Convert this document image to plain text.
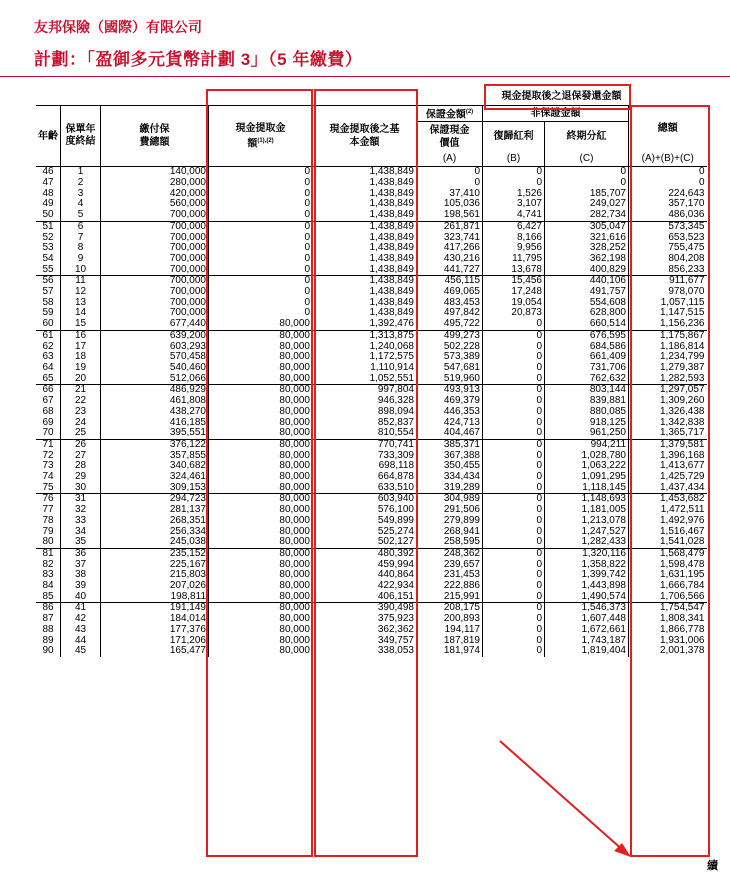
友邦保險（國際）有限公司
計劃：「盈御多元貨幣計劃 3」（5 年繳費）
					現金提取後之退保發還金額			
年齡	保單年度終結	繳付保費總額	現金提取金額$^{(1),(2)}$	現金提取後之基本金額	保證金額$^{(2)}$	非保證金額		總額
					保證現金價值	復歸紅利	終期分紅	
					(A)	(B)	(C)	(A)+(B)+(C)
46	1	140,000	0	1,438,849	0	0	0	0
47	2	280,000	0	1,438,849	0	0	0	0
48	3	420,000	0	1,438,849	37,410	1,526	185,707	224,643
49	4	560,000	0	1,438,849	105,036	3,107	249,027	357,170
50	5	700,000	0	1,438,849	198,561	4,741	282,734	486,036
51	6	700,000	0	1,438,849	261,871	6,427	305,047	573,345
52	7	700,000	0	1,438,849	323,741	8,166	321,616	653,523
53	8	700,000	0	1,438,849	417,266	9,956	328,252	755,475
54	9	700,000	0	1,438,849	430,216	11,795	362,198	804,208
55	10	700,000	0	1,438,849	441,727	13,678	400,829	856,233
56	11	700,000	0	1,438,849	456,115	15,456	440,106	911,677
57	12	700,000	0	1,438,849	469,065	17,248	491,757	978,070
58	13	700,000	0	1,438,849	483,453	19,054	554,608	1,057,115
59	14	700,000	0	1,438,849	497,842	20,873	628,800	1,147,515
60	15	677,440	80,000	1,392,476	495,722	0	660,514	1,156,236
61	16	639,200	80,000	1,313,875	499,273	0	676,595	1,175,867
62	17	603,293	80,000	1,240,068	502,228	0	684,586	1,186,814
63	18	570,458	80,000	1,172,575	573,389	0	661,409	1,234,799
64	19	540,460	80,000	1,110,914	547,681	0	731,706	1,279,387
65	20	512,066	80,000	1,052,551	519,960	0	762,632	1,282,593
66	21	486,929	80,000	997,804	493,913	0	803,144	1,297,057
67	22	461,808	80,000	946,328	469,379	0	839,881	1,309,260
68	23	438,270	80,000	898,094	446,353	0	880,085	1,326,438
69	24	416,185	80,000	852,837	424,713	0	918,125	1,342,838
70	25	395,551	80,000	810,554	404,467	0	961,250	1,365,717
71	26	376,122	80,000	770,741	385,371	0	994,211	1,379,581
72	27	357,855	80,000	733,309	367,388	0	1,028,780	1,396,168
73	28	340,682	80,000	698,118	350,455	0	1,063,222	1,413,677
74	29	324,461	80,000	664,878	334,434	0	1,091,295	1,425,729
75	30	309,153	80,000	633,510	319,289	0	1,118,145	1,437,434
76	31	294,723	80,000	603,940	304,989	0	1,148,693	1,453,682
77	32	281,137	80,000	576,100	291,506	0	1,181,005	1,472,511
78	33	268,351	80,000	549,899	279,899	0	1,213,078	1,492,976
79	34	256,334	80,000	525,274	268,941	0	1,247,527	1,516,467
80	35	245,038	80,000	502,127	258,595	0	1,282,433	1,541,028
81	36	235,152	80,000	480,392	248,362	0	1,320,116	1,568,479
82	37	225,167	80,000	459,994	239,657	0	1,358,822	1,598,478
83	38	215,803	80,000	440,864	231,453	0	1,399,742	1,631,195
84	39	207,026	80,000	422,934	222,886	0	1,443,898	1,666,784
85	40	198,811	80,000	406,151	215,991	0	1,490,574	1,706,566
86	41	191,149	80,000	390,498	208,175	0	1,546,373	1,754,547
87	42	184,014	80,000	375,923	200,893	0	1,607,448	1,808,341
88	43	177,376	80,000	362,362	194,117	0	1,672,661	1,866,778
89	44	171,206	80,000	349,757	187,819	0	1,743,187	1,931,006
90	45	165,477	80,000	338,053	181,974	0	1,819,404	2,001,378
續
